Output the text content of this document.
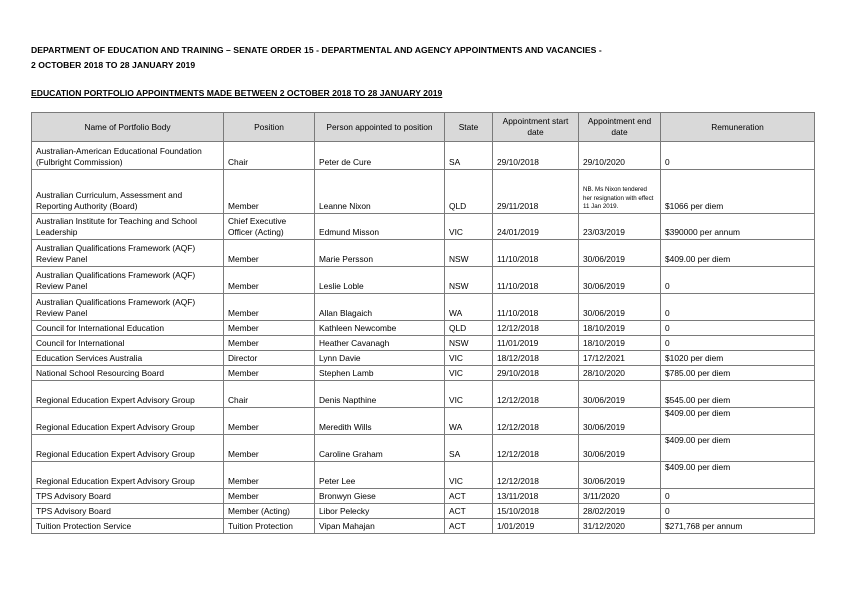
DEPARTMENT OF EDUCATION AND TRAINING – SENATE ORDER 15 - DEPARTMENTAL AND AGENCY APPOINTMENTS AND VACANCIES -
2 OCTOBER 2018 TO 28 JANUARY 2019
EDUCATION PORTFOLIO APPOINTMENTS MADE BETWEEN 2 OCTOBER 2018 TO 28 JANUARY 2019
Name of Portfolio Body	Position	Person appointed to position	State	Appointment start date	Appointment end date	Remuneration
Australian-American Educational Foundation (Fulbright Commission)	Chair	Peter de Cure	SA	29/10/2018	29/10/2020	0
Australian Curriculum, Assessment and Reporting Authority (Board)	Member	Leanne Nixon	QLD	29/11/2018	NB. Ms Nixon tendered her resignation with effect 11 Jan 2019.	$1066 per diem
Australian Institute for Teaching and School Leadership	Chief Executive Officer (Acting)	Edmund Misson	VIC	24/01/2019	23/03/2019	$390000 per annum
Australian Qualifications Framework (AQF) Review Panel	Member	Marie Persson	NSW	11/10/2018	30/06/2019	$409.00 per diem
Australian Qualifications Framework (AQF) Review Panel	Member	Leslie Loble	NSW	11/10/2018	30/06/2019	0
Australian Qualifications Framework (AQF) Review Panel	Member	Allan Blagaich	WA	11/10/2018	30/06/2019	0
Council for International Education	Member	Kathleen Newcombe	QLD	12/12/2018	18/10/2019	0
Council for International	Member	Heather Cavanagh	NSW	11/01/2019	18/10/2019	0
Education Services Australia	Director	Lynn Davie	VIC	18/12/2018	17/12/2021	$1020 per diem
National School Resourcing Board	Member	Stephen Lamb	VIC	29/10/2018	28/10/2020	$785.00 per diem
Regional Education Expert Advisory Group	Chair	Denis Napthine	VIC	12/12/2018	30/06/2019	$545.00 per diem
Regional Education Expert Advisory Group	Member	Meredith Wills	WA	12/12/2018	30/06/2019	$409.00 per diem
Regional Education Expert Advisory Group	Member	Caroline Graham	SA	12/12/2018	30/06/2019	$409.00 per diem
Regional Education Expert Advisory Group	Member	Peter Lee	VIC	12/12/2018	30/06/2019	$409.00 per diem
TPS Advisory Board	Member	Bronwyn Giese	ACT	13/11/2018	3/11/2020	0
TPS Advisory Board	Member (Acting)	Libor Pelecky	ACT	15/10/2018	28/02/2019	0
Tuition Protection Service	Tuition Protection	Vipan Mahajan	ACT	1/01/2019	31/12/2020	$271,768 per annum
